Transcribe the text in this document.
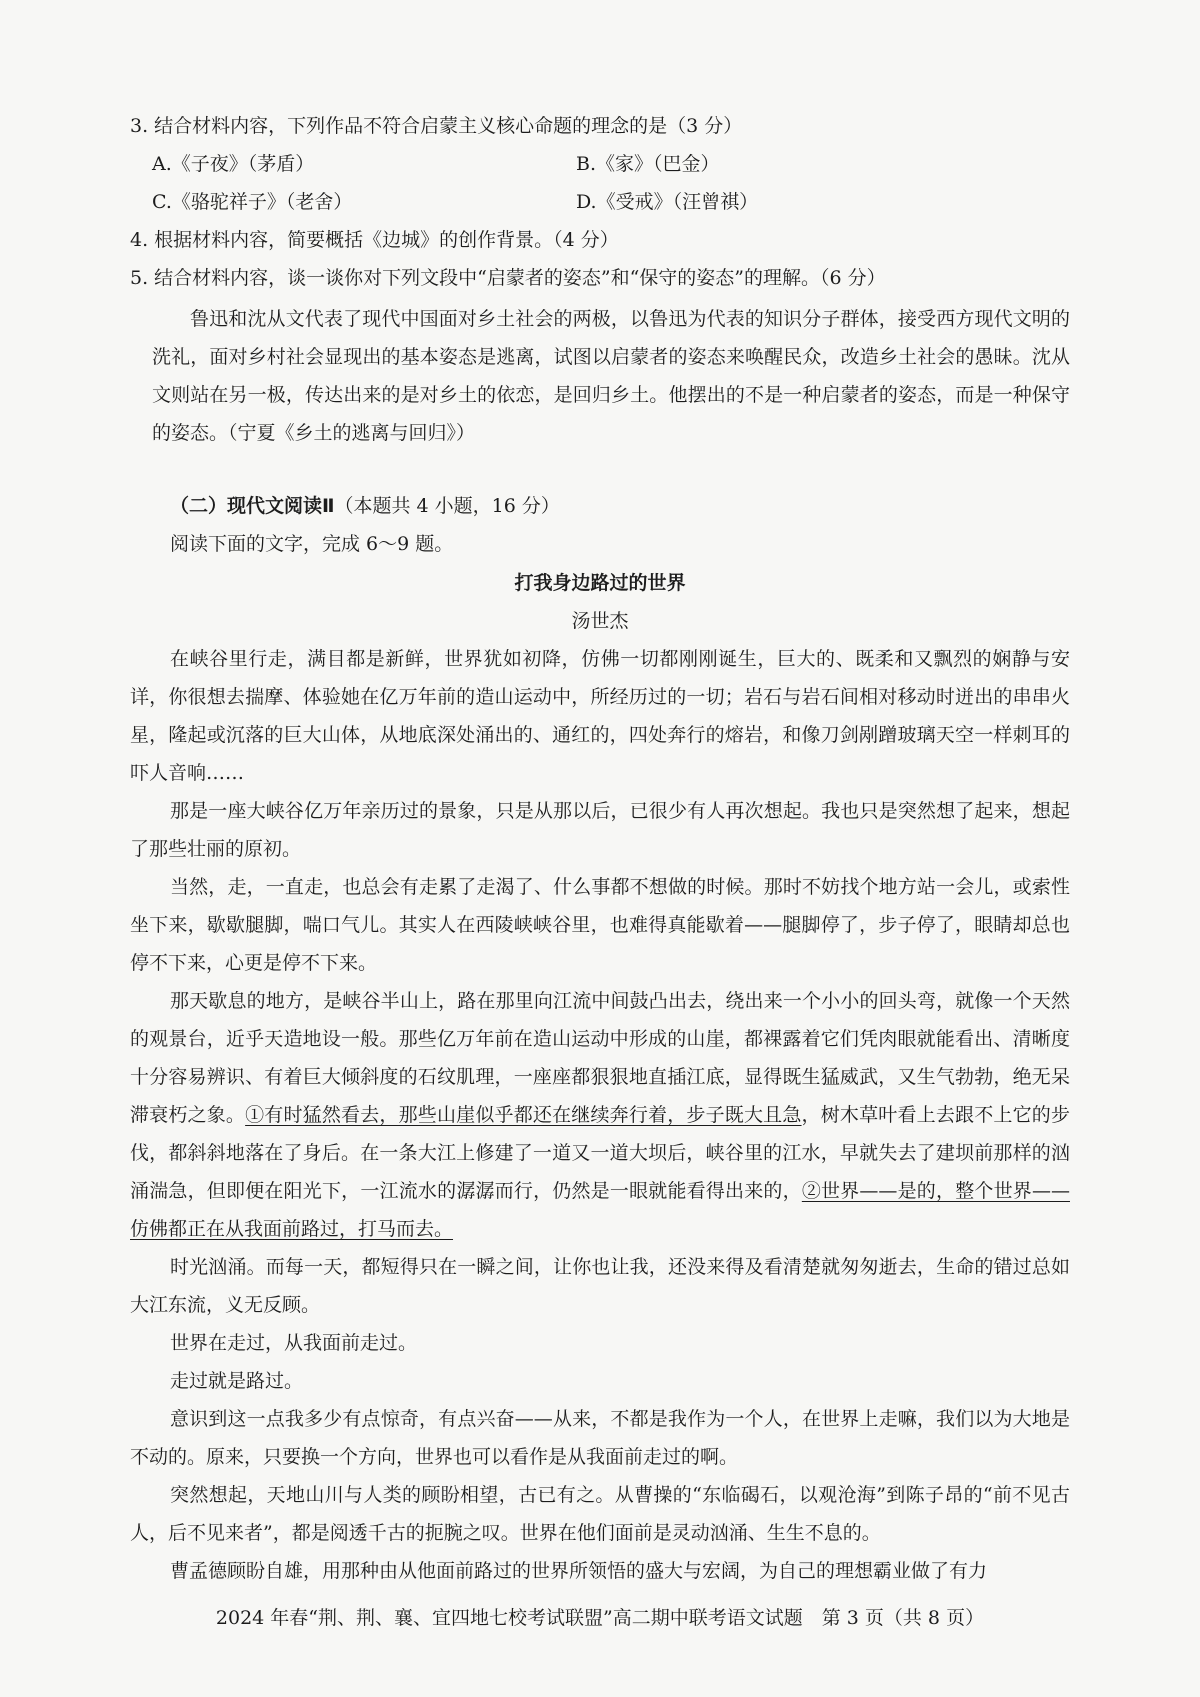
3. 结合材料内容，下列作品不符合启蒙主义核心命题的理念的是（3 分）
A.《子夜》（茅盾）	B.《家》（巴金）
C.《骆驼祥子》（老舍）	D.《受戒》（汪曾祺）
4. 根据材料内容，简要概括《边城》的创作背景。（4 分）
5. 结合材料内容，谈一谈你对下列文段中“启蒙者的姿态”和“保守的姿态”的理解。（6 分）
鲁迅和沈从文代表了现代中国面对乡土社会的两极，以鲁迅为代表的知识分子群体，接受西方现代文明的洗礼，面对乡村社会显现出的基本姿态是逃离，试图以启蒙者的姿态来唤醒民众，改造乡土社会的愚昧。沈从文则站在另一极，传达出来的是对乡土的依恋，是回归乡土。他摆出的不是一种启蒙者的姿态，而是一种保守的姿态。（宁夏《乡土的逃离与回归》）
（二）现代文阅读Ⅱ（本题共 4 小题，16 分）
阅读下面的文字，完成 6～9 题。
打我身边路过的世界
汤世杰
在峡谷里行走，满目都是新鲜，世界犹如初降，仿佛一切都刚刚诞生，巨大的、既柔和又飘烈的娴静与安详，你很想去揣摩、体验她在亿万年前的造山运动中，所经历过的一切；岩石与岩石间相对移动时迸出的串串火星，隆起或沉落的巨大山体，从地底深处涌出的、通红的，四处奔行的熔岩，和像刀剑剐蹭玻璃天空一样刺耳的吓人音响……
那是一座大峡谷亿万年亲历过的景象，只是从那以后，已很少有人再次想起。我也只是突然想了起来，想起了那些壮丽的原初。
当然，走，一直走，也总会有走累了走渴了、什么事都不想做的时候。那时不妨找个地方站一会儿，或索性坐下来，歇歇腿脚，喘口气儿。其实人在西陵峡峡谷里，也难得真能歇着——腿脚停了，步子停了，眼睛却总也停不下来，心更是停不下来。
那天歇息的地方，是峡谷半山上，路在那里向江流中间鼓凸出去，绕出来一个小小的回头弯，就像一个天然的观景台，近乎天造地设一般。那些亿万年前在造山运动中形成的山崖，都裸露着它们凭肉眼就能看出、清晰度十分容易辨识、有着巨大倾斜度的石纹肌理，一座座都狠狠地直插江底，显得既生猛威武，又生气勃勃，绝无呆滞衰朽之象。①有时猛然看去，那些山崖似乎都还在继续奔行着，步子既大且急，树木草叶看上去跟不上它的步伐，都斜斜地落在了身后。在一条大江上修建了一道又一道大坝后，峡谷里的江水，早就失去了建坝前那样的汹涌湍急，但即便在阳光下，一江流水的潺潺而行，仍然是一眼就能看得出来的，②世界——是的，整个世界——仿佛都正在从我面前路过，打马而去。
时光汹涌。而每一天，都短得只在一瞬之间，让你也让我，还没来得及看清楚就匆匆逝去，生命的错过总如大江东流，义无反顾。
世界在走过，从我面前走过。
走过就是路过。
意识到这一点我多少有点惊奇，有点兴奋——从来，不都是我作为一个人，在世界上走嘛，我们以为大地是不动的。原来，只要换一个方向，世界也可以看作是从我面前走过的啊。
突然想起，天地山川与人类的顾盼相望，古已有之。从曹操的“东临碣石，以观沧海”到陈子昂的“前不见古人，后不见来者”，都是阅透千古的扼腕之叹。世界在他们面前是灵动汹涌、生生不息的。
曹孟德顾盼自雄，用那种由从他面前路过的世界所领悟的盛大与宏阔，为自己的理想霸业做了有力
2024 年春“荆、荆、襄、宜四地七校考试联盟”高二期中联考语文试题　第 3 页（共 8 页）
